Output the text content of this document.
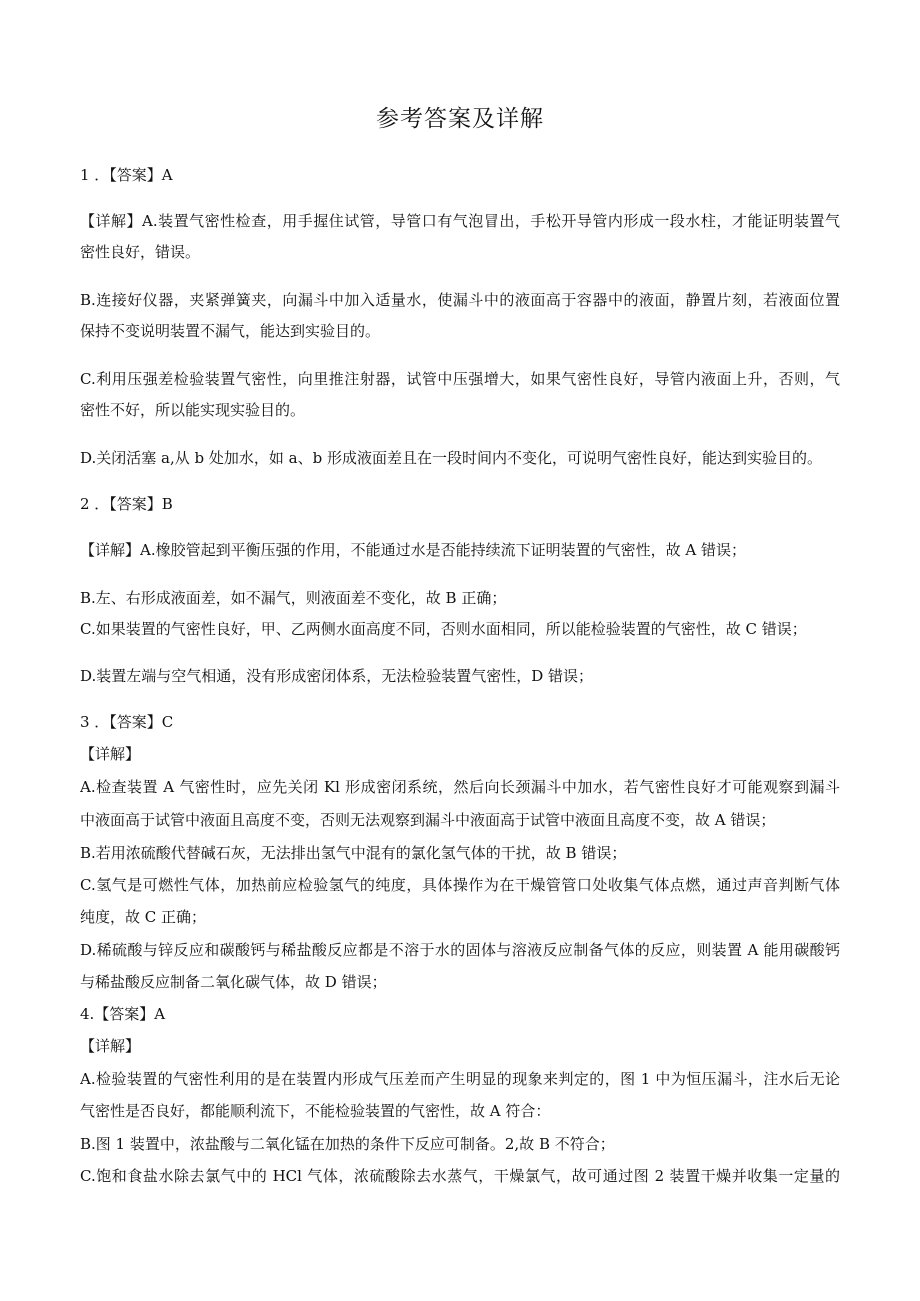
参考答案及详解
1 ．【答案】A
【详解】A.装置气密性检查，用手握住试管，导管口有气泡冒出，手松开导管内形成一段水柱，才能证明装置气
密性良好，错误。
B.连接好仪器，夹紧弹簧夹，向漏斗中加入适量水，使漏斗中的液面高于容器中的液面，静置片刻，若液面位置
保持不变说明装置不漏气，能达到实验目的。
C.利用压强差检验装置气密性，向里推注射器，试管中压强增大，如果气密性良好，导管内液面上升，否则，气
密性不好，所以能实现实验目的。
D.关闭活塞 a,从 b 处加水，如 a、b 形成液面差且在一段时间内不变化，可说明气密性良好，能达到实验目的。
2 ．【答案】B
【详解】A.橡胶管起到平衡压强的作用，不能通过水是否能持续流下证明装置的气密性，故 A 错误；
B.左、右形成液面差，如不漏气，则液面差不变化，故 B 正确；
C.如果装置的气密性良好，甲、乙两侧水面高度不同，否则水面相同，所以能检验装置的气密性，故 C 错误；
D.装置左端与空气相通，没有形成密闭体系，无法检验装置气密性，D 错误；
3 ．【答案】C
【详解】
A.检查装置 A 气密性时，应先关闭 Kl 形成密闭系统，然后向长颈漏斗中加水，若气密性良好才可能观察到漏斗
中液面高于试管中液面且高度不变，否则无法观察到漏斗中液面高于试管中液面且高度不变，故 A 错误；
B.若用浓硫酸代替碱石灰，无法排出氢气中混有的氯化氢气体的干扰，故 B 错误；
C.氢气是可燃性气体，加热前应检验氢气的纯度，具体操作为在干燥管管口处收集气体点燃，通过声音判断气体
纯度，故 C 正确；
D.稀硫酸与锌反应和碳酸钙与稀盐酸反应都是不溶于水的固体与溶液反应制备气体的反应，则装置 A 能用碳酸钙
与稀盐酸反应制备二氧化碳气体，故 D 错误；
4.【答案】A
【详解】
A.检验装置的气密性利用的是在装置内形成气压差而产生明显的现象来判定的，图 1 中为恒压漏斗，注水后无论
气密性是否良好，都能顺利流下，不能检验装置的气密性，故 A 符合：
B.图 1 装置中，浓盐酸与二氧化锰在加热的条件下反应可制备。2,故 B 不符合；
C.饱和食盐水除去氯气中的 HCl 气体，浓硫酸除去水蒸气，干燥氯气，故可通过图 2 装置干燥并收集一定量的
